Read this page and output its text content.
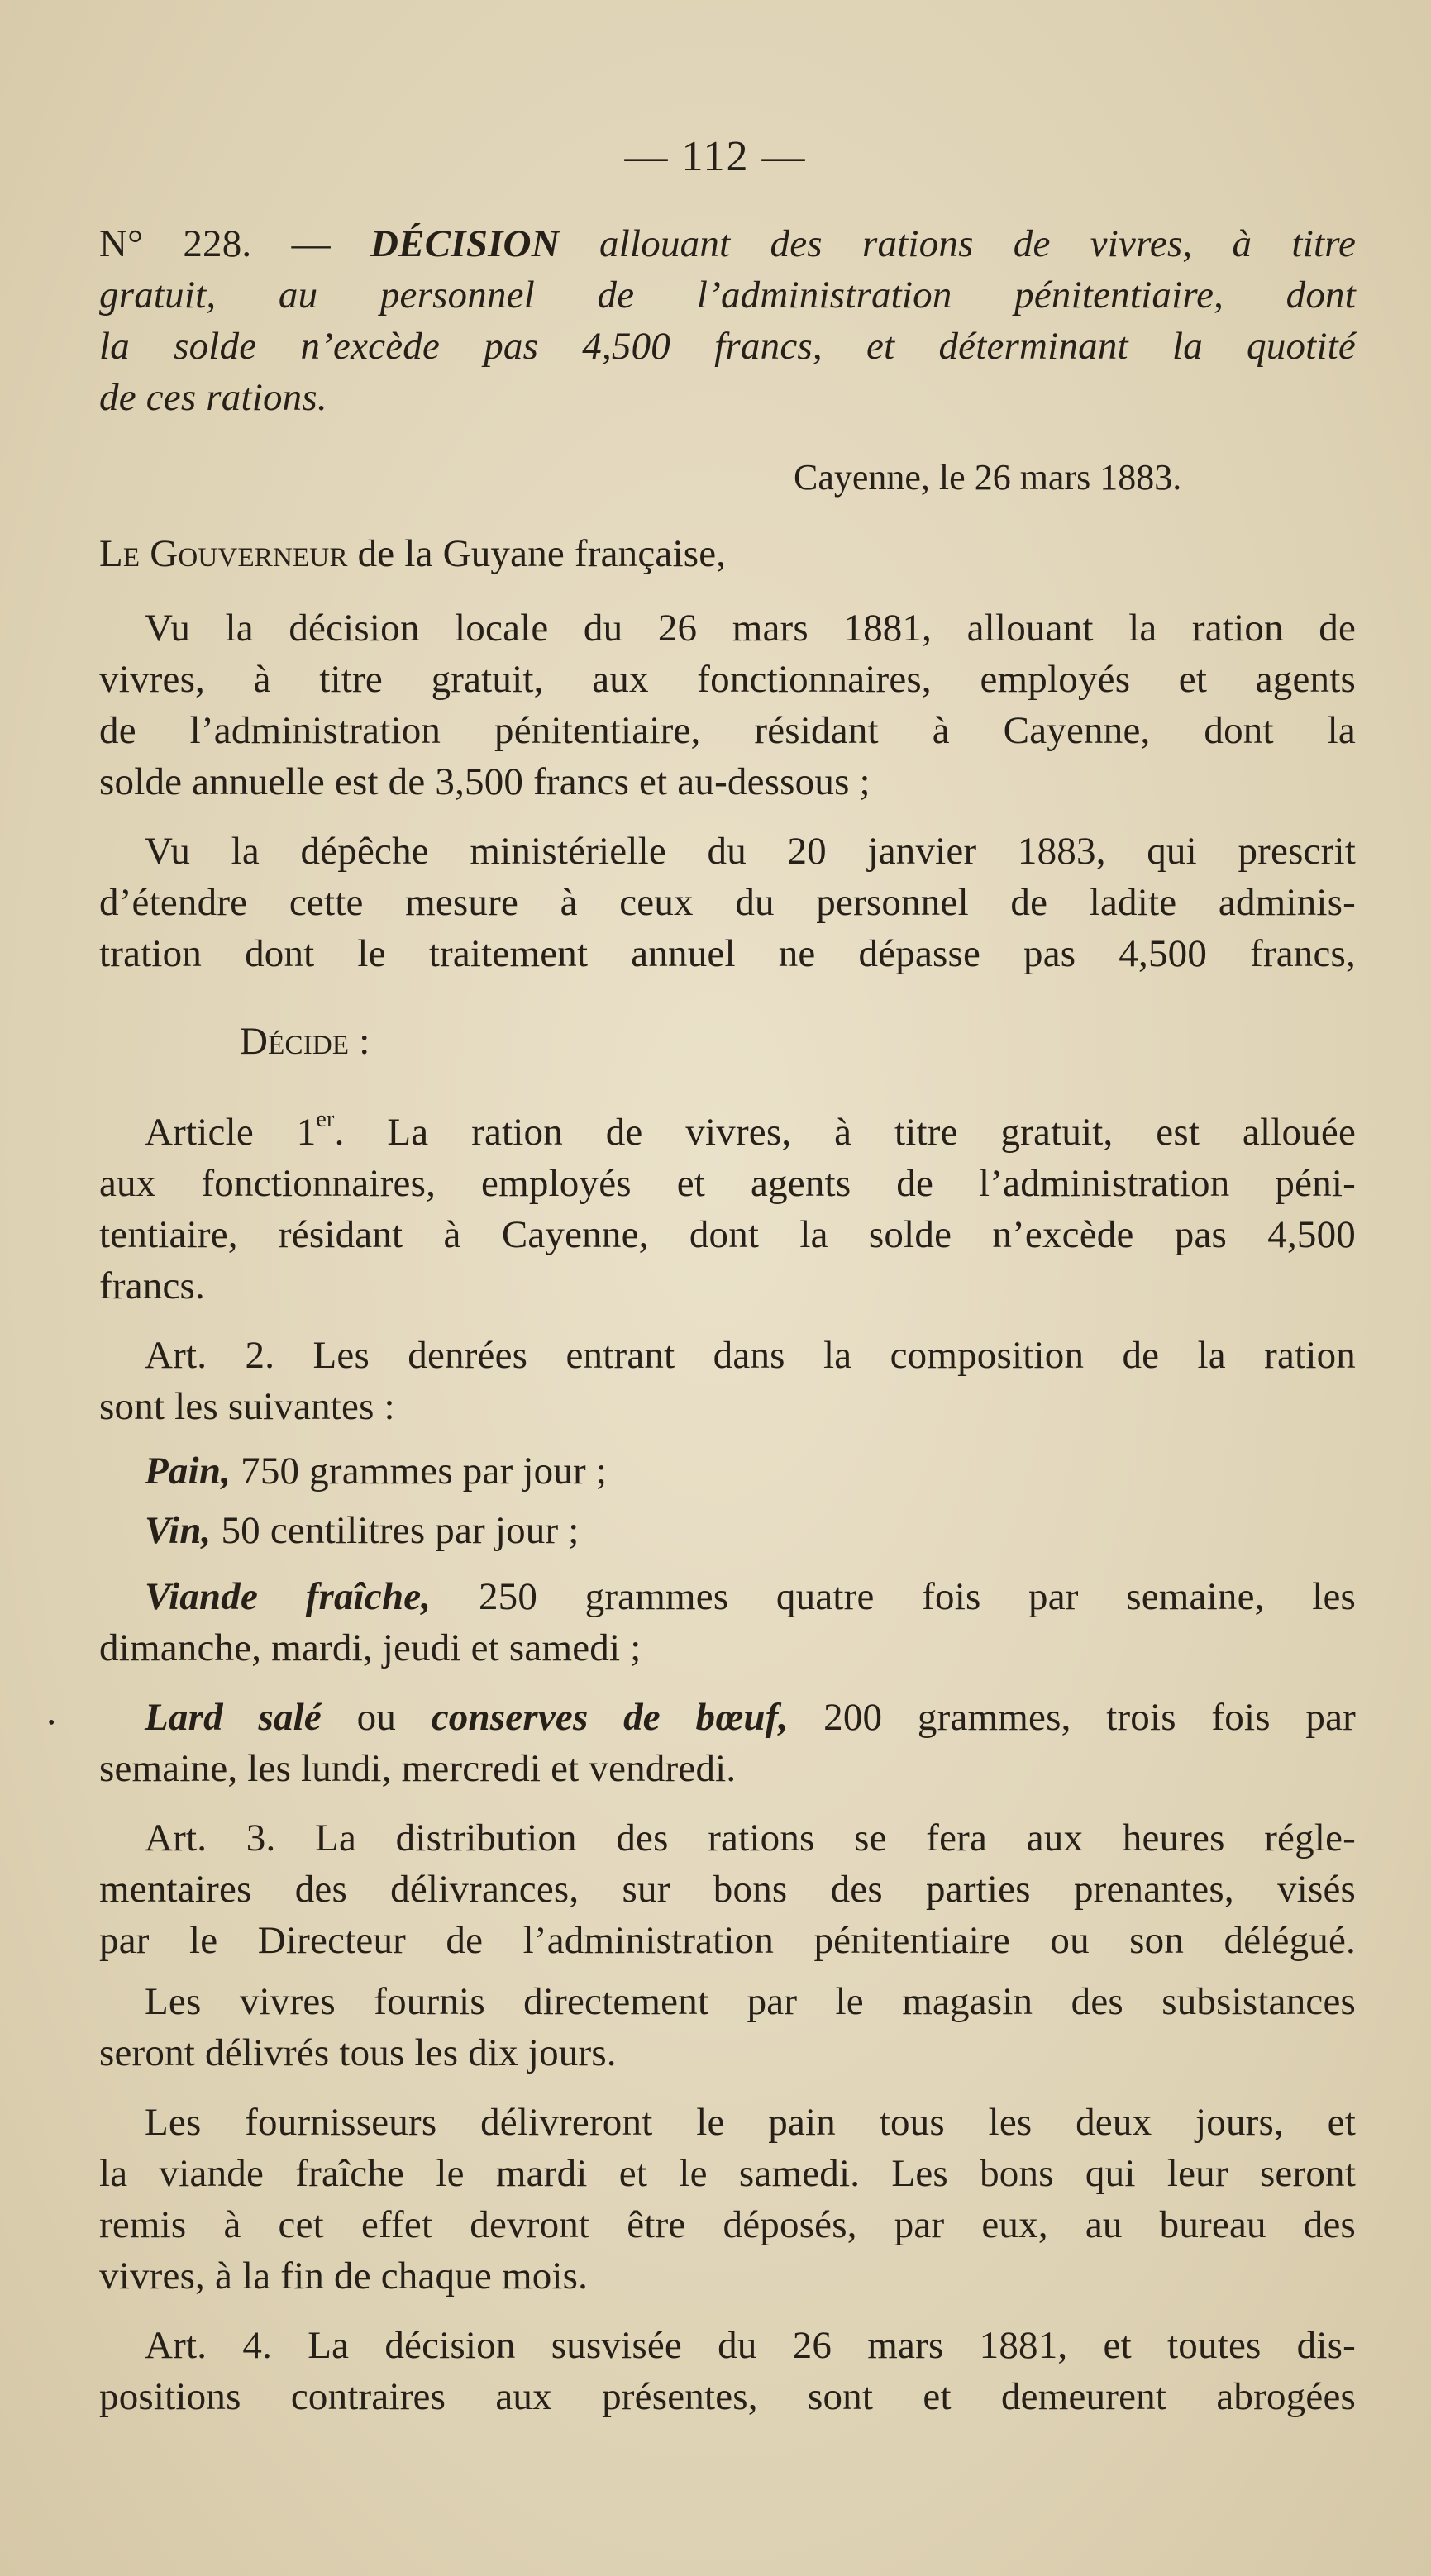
— 112 —
N° 228. — DÉCISION allouant des rations de vivres, à titre
gratuit, au personnel de l’administration pénitentiaire, dont
la solde n’excède pas 4,500 francs, et déterminant la quotité
de ces rations.
Cayenne, le 26 mars 1883.
Le Gouverneur de la Guyane française,
Vu la décision locale du 26 mars 1881, allouant la ration de
vivres, à titre gratuit, aux fonctionnaires, employés et agents
de l’administration pénitentiaire, résidant à Cayenne, dont la
solde annuelle est de 3,500 francs et au-dessous ;
Vu la dépêche ministérielle du 20 janvier 1883, qui prescrit
d’étendre cette mesure à ceux du personnel de ladite adminis-
tration dont le traitement annuel ne dépasse pas 4,500 francs,
Décide :
Article 1er. La ration de vivres, à titre gratuit, est allouée
aux fonctionnaires, employés et agents de l’administration péni-
tentiaire, résidant à Cayenne, dont la solde n’excède pas 4,500
francs.
Art. 2. Les denrées entrant dans la composition de la ration
sont les suivantes :
Pain, 750 grammes par jour ;
Vin, 50 centilitres par jour ;
Viande fraîche, 250 grammes quatre fois par semaine, les
dimanche, mardi, jeudi et samedi ;
Lard salé ou conserves de bœuf, 200 grammes, trois fois par
semaine, les lundi, mercredi et vendredi.
Art. 3. La distribution des rations se fera aux heures régle-
mentaires des délivrances, sur bons des parties prenantes, visés
par le Directeur de l’administration pénitentiaire ou son délégué.
Les vivres fournis directement par le magasin des subsistances
seront délivrés tous les dix jours.
Les fournisseurs délivreront le pain tous les deux jours, et
la viande fraîche le mardi et le samedi. Les bons qui leur seront
remis à cet effet devront être déposés, par eux, au bureau des
vivres, à la fin de chaque mois.
Art. 4. La décision susvisée du 26 mars 1881, et toutes dis-
positions contraires aux présentes, sont et demeurent abrogées
•
